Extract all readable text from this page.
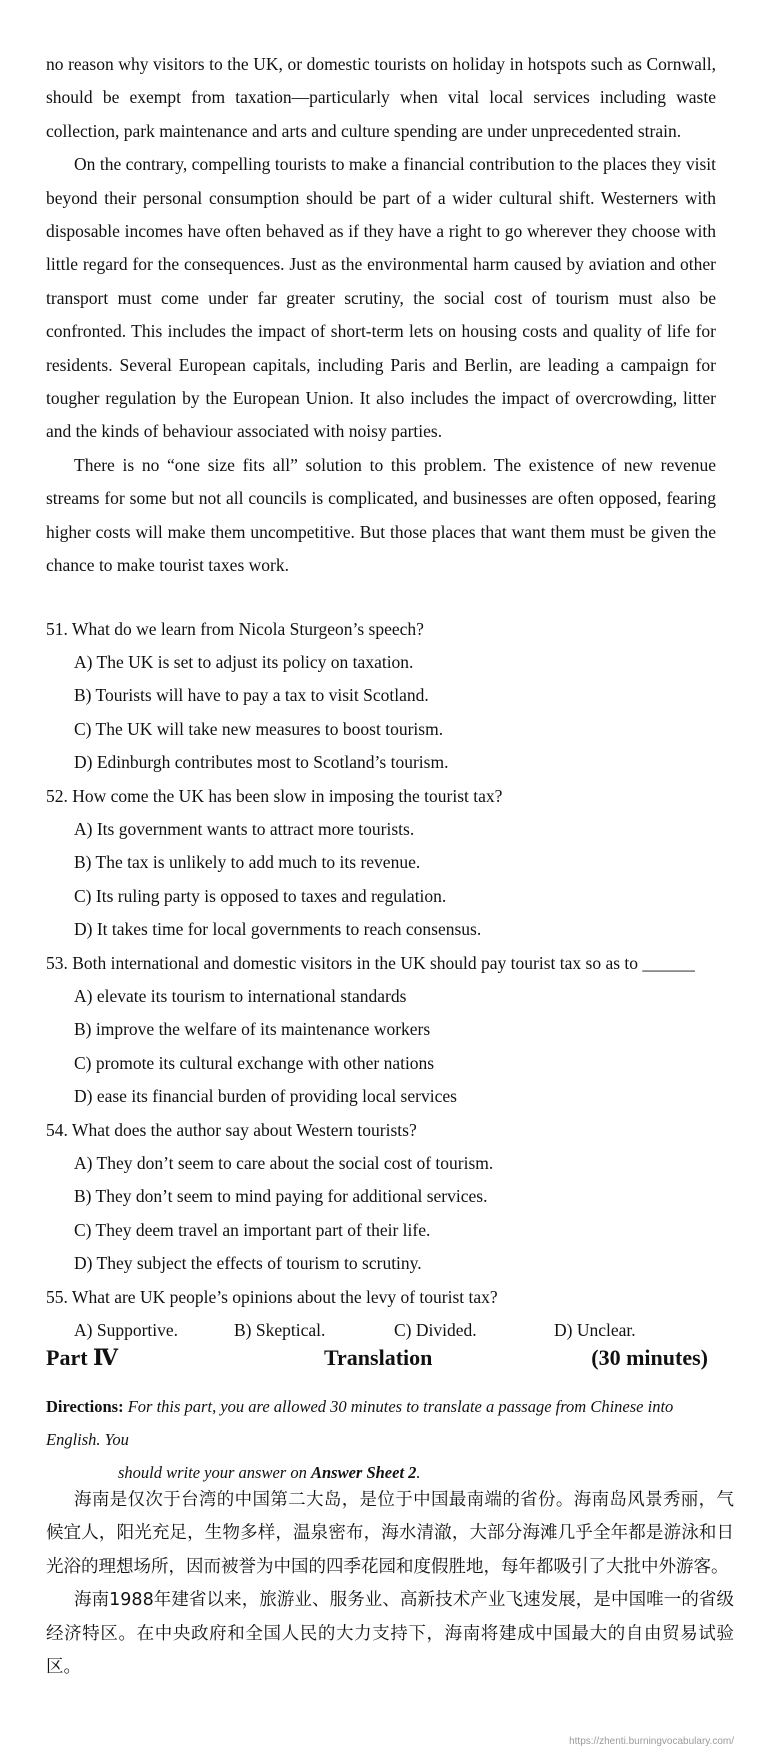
no reason why visitors to the UK, or domestic tourists on holiday in hotspots such as Cornwall, should be exempt from taxation—particularly when vital local services including waste collection, park maintenance and arts and culture spending are under unprecedented strain.

On the contrary, compelling tourists to make a financial contribution to the places they visit beyond their personal consumption should be part of a wider cultural shift. Westerners with disposable incomes have often behaved as if they have a right to go wherever they choose with little regard for the consequences. Just as the environmental harm caused by aviation and other transport must come under far greater scrutiny, the social cost of tourism must also be confronted. This includes the impact of short-term lets on housing costs and quality of life for residents. Several European capitals, including Paris and Berlin, are leading a campaign for tougher regulation by the European Union. It also includes the impact of overcrowding, litter and the kinds of behaviour associated with noisy parties.

There is no “one size fits all” solution to this problem. The existence of new revenue streams for some but not all councils is complicated, and businesses are often opposed, fearing higher costs will make them uncompetitive. But those places that want them must be given the chance to make tourist taxes work.

51. What do we learn from Nicola Sturgeon’s speech?

A) The UK is set to adjust its policy on taxation.

B) Tourists will have to pay a tax to visit Scotland.

C) The UK will take new measures to boost tourism.

D) Edinburgh contributes most to Scotland’s tourism.

52. How come the UK has been slow in imposing the tourist tax?

A) Its government wants to attract more tourists.

B) The tax is unlikely to add much to its revenue.

C) Its ruling party is opposed to taxes and regulation.

D) It takes time for local governments to reach consensus.

53. Both international and domestic visitors in the UK should pay tourist tax so as to ______

A) elevate its tourism to international standards

B) improve the welfare of its maintenance workers

C) promote its cultural exchange with other nations

D) ease its financial burden of providing local services

54. What does the author say about Western tourists?

A) They don’t seem to care about the social cost of tourism.

B) They don’t seem to mind paying for additional services.

C) They deem travel an important part of their life.

D) They subject the effects of tourism to scrutiny.

55. What are UK people’s opinions about the levy of tourist tax?

A) Supportive.	B) Skeptical.	C) Divided.	D) Unclear.
Part Ⅳ	Translation	(30 minutes)
Directions: For this part, you are allowed 30 minutes to translate a passage from Chinese into English. You
should write your answer on Answer Sheet 2.

海南是仅次于台湾的中国第二大岛，是位于中国最南端的省份。海南岛风景秀丽，气候宜人，阳光充足，生物多样，温泉密布，海水清澈，大部分海滩几乎全年都是游泳和日光浴的理想场所，因而被誉为中国的四季花园和度假胜地，每年都吸引了大批中外游客。

海南1988年建省以来，旅游业、服务业、高新技术产业飞速发展，是中国唯一的省级经济特区。在中央政府和全国人民的大力支持下，海南将建成中国最大的自由贸易试验区。

https://zhenti.burningvocabulary.com/
